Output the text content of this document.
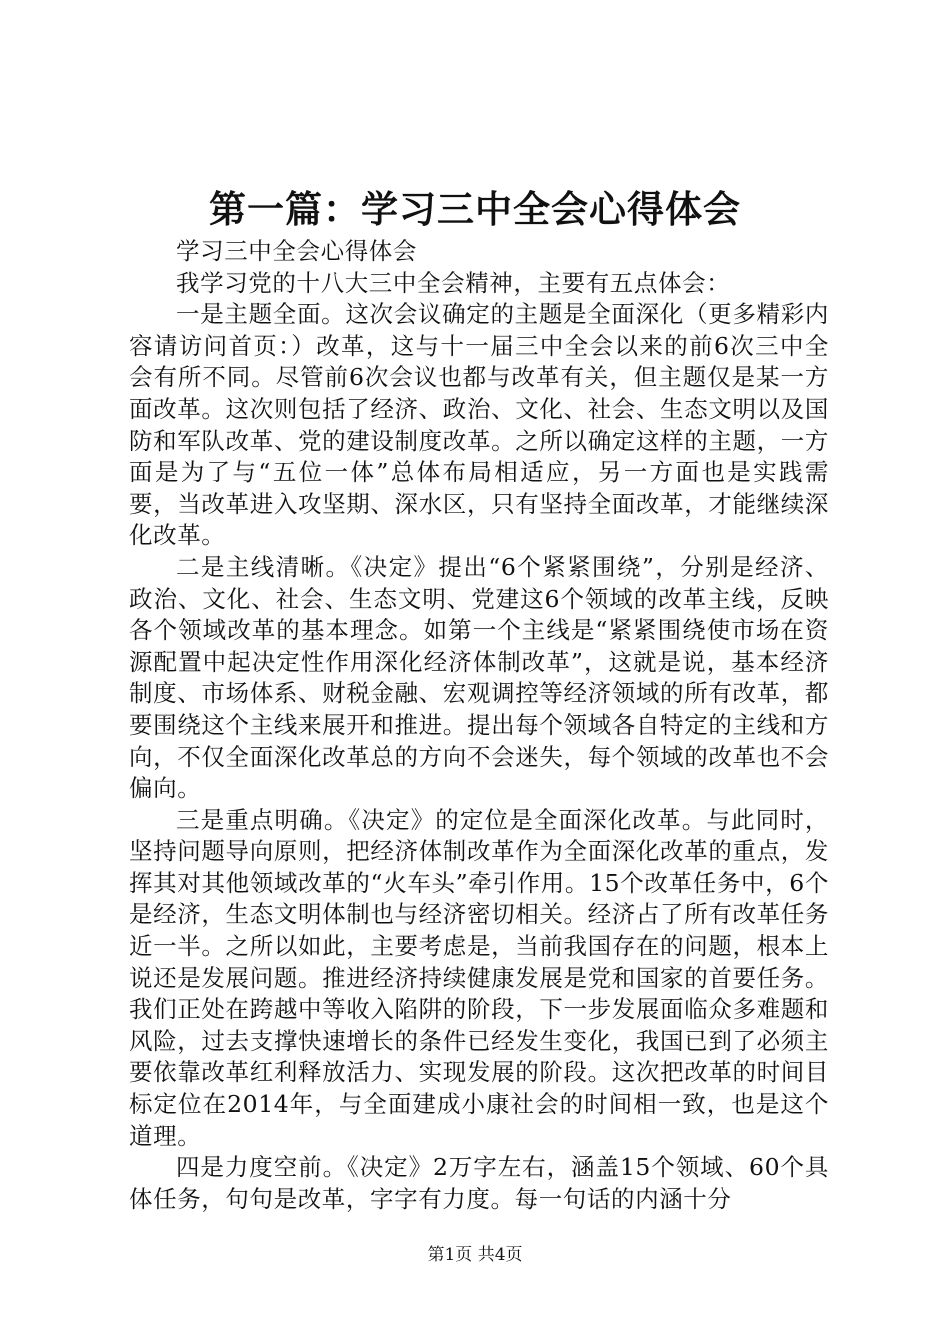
第一篇：学习三中全会心得体会

学习三中全会心得体会

我学习党的十八大三中全会精神，主要有五点体会：

一是主题全面。这次会议确定的主题是全面深化（更多精彩内容请访问首页：）改革，这与十一届三中全会以来的前6次三中全会有所不同。尽管前6次会议也都与改革有关，但主题仅是某一方面改革。这次则包括了经济、政治、文化、社会、生态文明以及国防和军队改革、党的建设制度改革。之所以确定这样的主题，一方面是为了与“五位一体”总体布局相适应，另一方面也是实践需要，当改革进入攻坚期、深水区，只有坚持全面改革，才能继续深化改革。

二是主线清晰。《决定》提出“6个紧紧围绕”，分别是经济、政治、文化、社会、生态文明、党建这6个领域的改革主线，反映各个领域改革的基本理念。如第一个主线是“紧紧围绕使市场在资源配置中起决定性作用深化经济体制改革”，这就是说，基本经济制度、市场体系、财税金融、宏观调控等经济领域的所有改革，都要围绕这个主线来展开和推进。提出每个领域各自特定的主线和方向，不仅全面深化改革总的方向不会迷失，每个领域的改革也不会偏向。

三是重点明确。《决定》的定位是全面深化改革。与此同时，坚持问题导向原则，把经济体制改革作为全面深化改革的重点，发挥其对其他领域改革的“火车头”牵引作用。15个改革任务中，6个是经济，生态文明体制也与经济密切相关。经济占了所有改革任务近一半。之所以如此，主要考虑是，当前我国存在的问题，根本上说还是发展问题。推进经济持续健康发展是党和国家的首要任务。我们正处在跨越中等收入陷阱的阶段，下一步发展面临众多难题和风险，过去支撑快速增长的条件已经发生变化，我国已到了必须主要依靠改革红利释放活力、实现发展的阶段。这次把改革的时间目标定位在2014年，与全面建成小康社会的时间相一致，也是这个道理。

四是力度空前。《决定》2万字左右，涵盖15个领域、60个具体任务，句句是改革，字字有力度。每一句话的内涵十分

第1页 共4页
